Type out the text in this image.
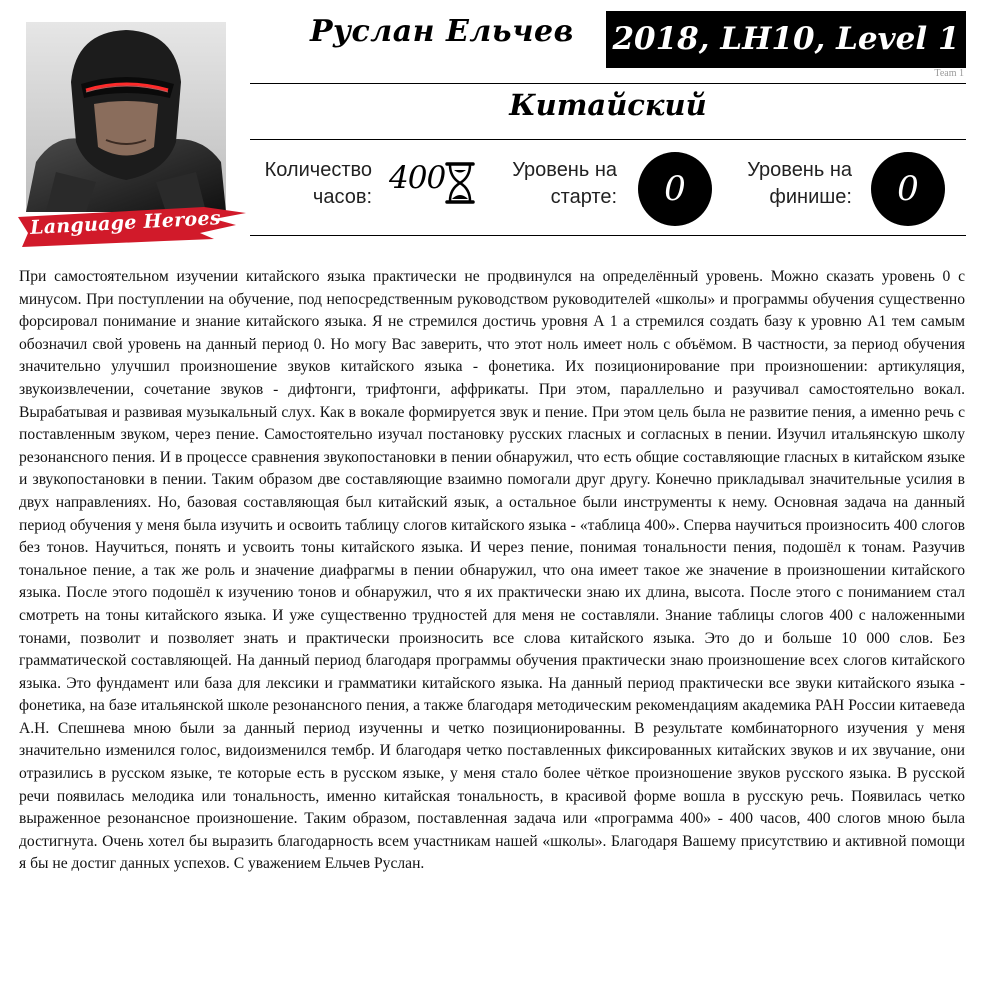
Language Heroes
Руслан Ельчев 2018, LH10, Level 1
Team 1
Китайский
Количество часов:
400	Уровень на старте:	0	Уровень на финише:	0
При самостоятельном изучении китайского языка практически не продвинулся на определённый уровень. Можно сказать уровень 0 с минусом. При поступлении на обучение, под непосредственным руководством руководителей «школы» и программы обучения существенно форсировал понимание и знание китайского языка. Я не стремился достичь уровня А 1 а стремился создать базу к уровню А1 тем самым обозначил свой уровень на данный период 0. Но могу Вас заверить, что этот ноль имеет ноль с объёмом. В частности, за период обучения значительно улучшил произношение звуков китайского языка - фонетика. Их позиционирование при произношении: артикуляция, звукоизвлечении, сочетание звуков - дифтонги, трифтонги, аффрикаты. При этом, параллельно и разучивал самостоятельно вокал. Вырабатывая и развивая музыкальный слух. Как в вокале формируется звук и пение. При этом цель была не развитие пения, а именно речь с поставленным звуком, через пение. Самостоятельно изучал постановку русских гласных и согласных в пении. Изучил итальянскую школу резонансного пения. И в процессе сравнения звукопостановки в пении обнаружил, что есть общие составляющие гласных в китайском языке и звукопостановки в пении. Таким образом две составляющие взаимно помогали друг другу. Конечно прикладывал значительные усилия в двух направлениях. Но, базовая составляющая был китайский язык, а остальное были инструменты к нему. Основная задача на данный период обучения у меня была изучить и освоить таблицу слогов китайского языка - «таблица 400». Сперва научиться произносить 400 слогов без тонов. Научиться, понять и усвоить тоны китайского языка. И через пение, понимая тональности пения, подошёл к тонам. Разучив тональное пение, а так же роль и значение диафрагмы в пении обнаружил, что она имеет такое же значение в произношении китайского языка. После этого подошёл к изучению тонов и обнаружил, что я их практически знаю их длина, высота. После этого с пониманием стал смотреть на тоны китайского языка. И уже существенно трудностей для меня не составляли. Знание таблицы слогов 400 с наложенными тонами, позволит и позволяет знать и практически произносить все слова китайского языка. Это до и больше 10 000 слов. Без грамматической составляющей. На данный период благодаря программы обучения практически знаю произношение всех слогов китайского языка. Это фундамент или база для лексики и грамматики китайского языка. На данный период практически все звуки китайского языка - фонетика, на базе итальянской школе резонансного пения, а также благодаря методическим рекомендациям академика РАН России китаеведа А.Н. Спешнева мною были за данный период изученны и четко позиционированны. В результате комбинаторного изучения у меня значительно изменился голос, видоизменился тембр. И благодаря четко поставленных фиксированных китайских звуков и их звучание, они отразились в русском языке, те которые есть в русском языке, у меня стало более чёткое произношение звуков русского языка. В русской речи появилась мелодика или тональность, именно китайская тональность, в красивой форме вошла в русскую речь. Появилась четко выраженное резонансное произношение. Таким образом, поставленная задача или «программа 400» - 400 часов, 400 слогов мною была достигнута. Очень хотел бы выразить благодарность всем участникам нашей «школы». Благодаря Вашему присутствию и активной помощи я бы не достиг данных успехов. С уважением Ельчев Руслан.
